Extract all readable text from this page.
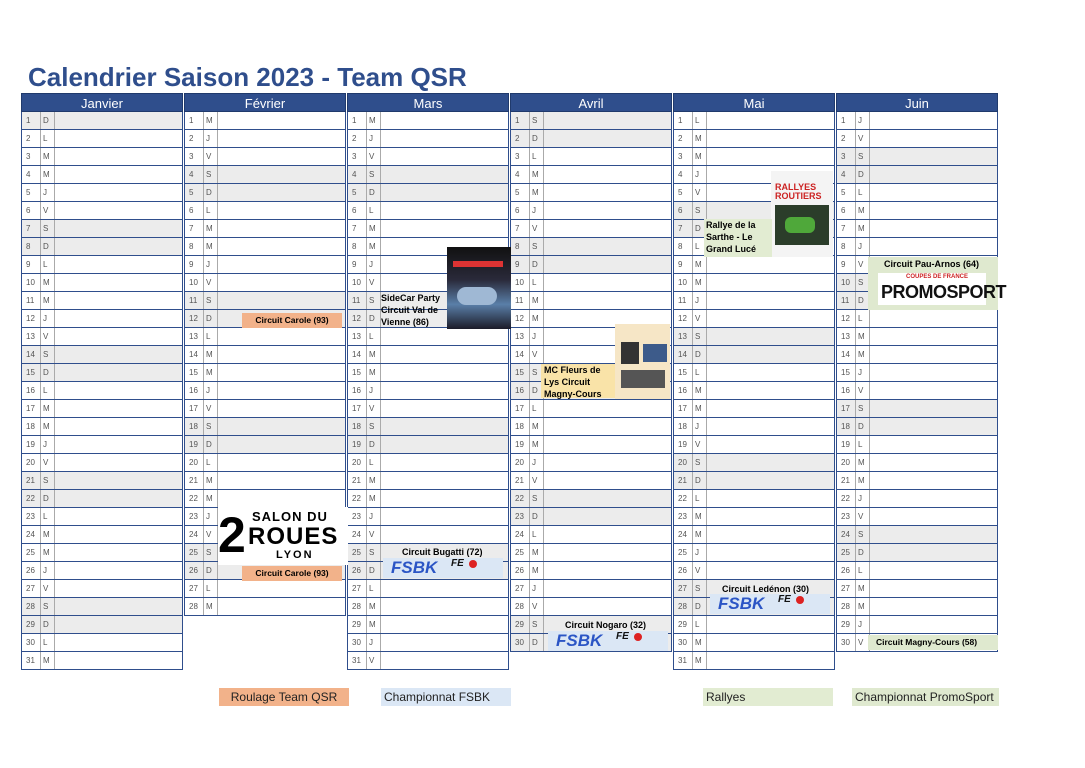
Calendrier Saison 2023 - Team QSR
Janvier
1	D
2	L
3	M
4	M
5	J
6	V
7	S
8	D
9	L
10	M
11	M
12	J
13	V
14	S
15	D
16	L
17	M
18	M
19	J
20	V
21	S
22	D
23	L
24	M
25	M
26	J
27	V
28	S
29	D
30	L
31	M
Février
1	M
2	J
3	V
4	S
5	D
6	L
7	M
8	M
9	J
10	V
11	S
12	D
13	L
14	M
15	M
16	J
17	V
18	S
19	D
20	L
21	M
22	M
23	J
24	V
25	S
26	D
27	L
28	M
Mars
1	M
2	J
3	V
4	S
5	D
6	L
7	M
8	M
9	J
10	V
11	S
12	D
13	L
14	M
15	M
16	J
17	V
18	S
19	D
20	L
21	M
22	M
23	J
24	V
25	S
26	D
27	L
28	M
29	M
30	J
31	V
Avril
1	S
2	D
3	L
4	M
5	M
6	J
7	V
8	S
9	D
10	L
11	M
12	M
13	J
14	V
15	S
16	D
17	L
18	M
19	M
20	J
21	V
22	S
23	D
24	L
25	M
26	M
27	J
28	V
29	S
30	D
Mai
1	L
2	M
3	M
4	J
5	V
6	S
7	D
8	L
9	M
10	M
11	J
12	V
13	S
14	D
15	L
16	M
17	M
18	J
19	V
20	S
21	D
22	L
23	M
24	M
25	J
26	V
27	S
28	D
29	L
30	M
31	M
Juin
1	J
2	V
3	S
4	D
5	L
6	M
7	M
8	J
9	V
10	S
11	D
12	L
13	M
14	M
15	J
16	V
17	S
18	D
19	L
20	M
21	M
22	J
23	V
24	S
25	D
26	L
27	M
28	M
29	J
30	V
Circuit Carole (93)
Circuit Carole (93)
2 SALON DU
ROUES
LYON
SideCar Party Circuit Val de Vienne (86)
Circuit Bugatti (72)
FSBK FE
MC Fleurs de Lys Circuit Magny-Cours
Circuit Nogaro (32)
FSBK FE
RALLYES ROUTIERS
Rallye de la Sarthe - Le Grand Lucé
Circuit Ledénon (30)
FSBK FE
Circuit Pau-Arnos (64)
COUPES DE FRANCE
PROMOSPORT
Circuit Magny-Cours (58)
Roulage Team QSR	Championnat FSBK	Rallyes	Championnat PromoSport
